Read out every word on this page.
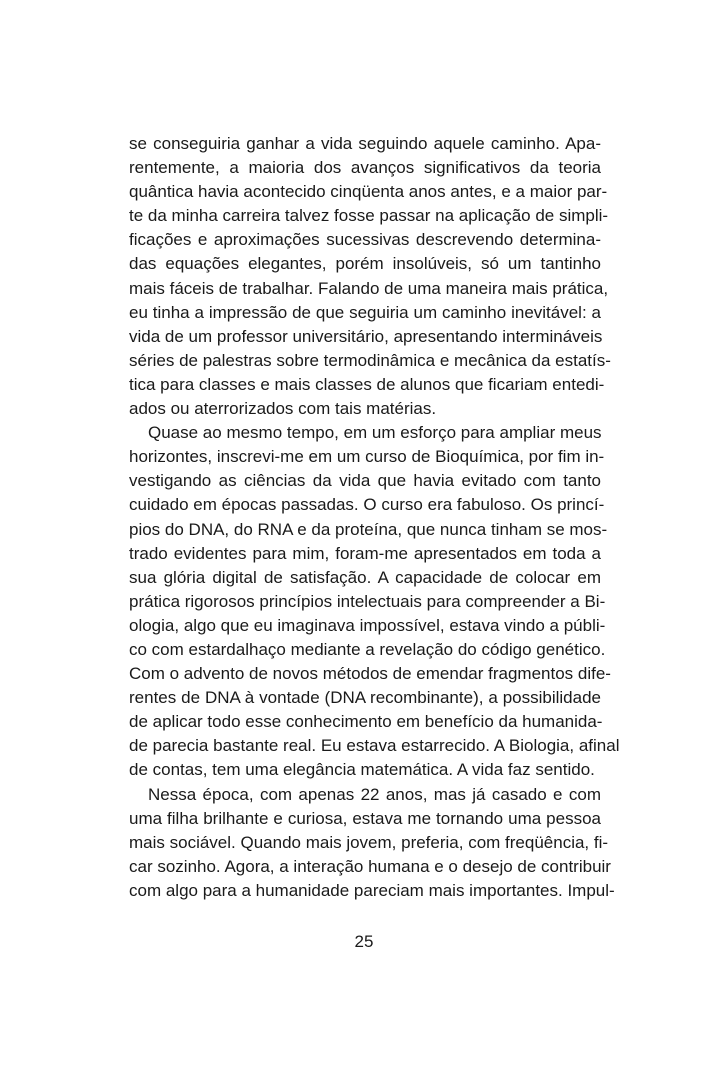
se conseguiria ganhar a vida seguindo aquele caminho. Apa-
rentemente, a maioria dos avanços significativos da teoria
quântica havia acontecido cinqüenta anos antes, e a maior par-
te da minha carreira talvez fosse passar na aplicação de simpli-
ficações e aproximações sucessivas descrevendo determina-
das equações elegantes, porém insolúveis, só um tantinho
mais fáceis de trabalhar. Falando de uma maneira mais prática,
eu tinha a impressão de que seguiria um caminho inevitável: a
vida de um professor universitário, apresentando intermináveis
séries de palestras sobre termodinâmica e mecânica da estatís-
tica para classes e mais classes de alunos que ficariam entedi-
ados ou aterrorizados com tais matérias.
Quase ao mesmo tempo, em um esforço para ampliar meus
horizontes, inscrevi-me em um curso de Bioquímica, por fim in-
vestigando as ciências da vida que havia evitado com tanto
cuidado em épocas passadas. O curso era fabuloso. Os princí-
pios do DNA, do RNA e da proteína, que nunca tinham se mos-
trado evidentes para mim, foram-me apresentados em toda a
sua glória digital de satisfação. A capacidade de colocar em
prática rigorosos princípios intelectuais para compreender a Bi-
ologia, algo que eu imaginava impossível, estava vindo a públi-
co com estardalhaço mediante a revelação do código genético.
Com o advento de novos métodos de emendar fragmentos dife-
rentes de DNA à vontade (DNA recombinante), a possibilidade
de aplicar todo esse conhecimento em benefício da humanida-
de parecia bastante real. Eu estava estarrecido. A Biologia, afinal
de contas, tem uma elegância matemática. A vida faz sentido.
Nessa época, com apenas 22 anos, mas já casado e com
uma filha brilhante e curiosa, estava me tornando uma pessoa
mais sociável. Quando mais jovem, preferia, com freqüência, fi-
car sozinho. Agora, a interação humana e o desejo de contribuir
com algo para a humanidade pareciam mais importantes. Impul-
25
